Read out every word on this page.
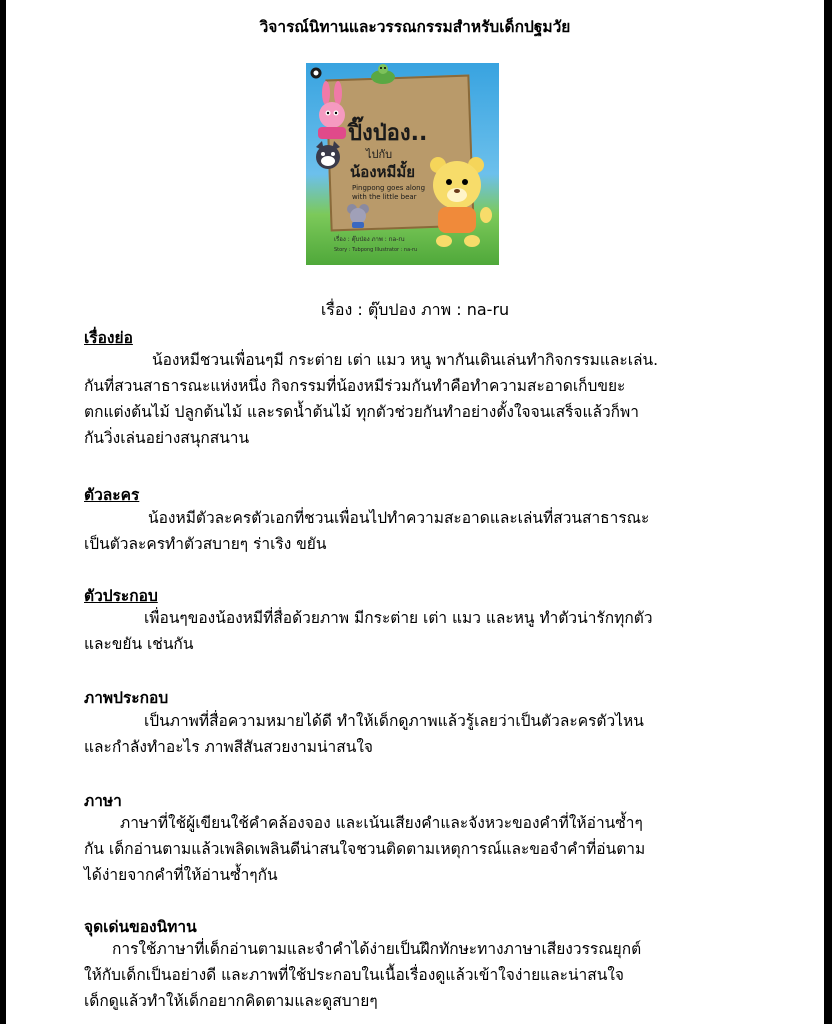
วิจารณ์นิทานและวรรณกรรมสำหรับเด็กปฐมวัย
ปิ๊งป่อง..
ไปกับ
น้องหมีมั้ย
Pingpong goes along with the little bear
เรื่อง : ตุ๊บป่อง ภาพ : na-ru
Story : Tubpong Illustrator : na-ru
เรื่อง : ตุ๊บปอง ภาพ : na-ru
เรื่องย่อ
น้องหมีชวนเพื่อนๆมี กระต่าย เต่า แมว หนู พากันเดินเล่นทำกิจกรรมและเล่น.
กันที่สวนสาธารณะแห่งหนึ่ง กิจกรรมที่น้องหมีร่วมกันทำคือทำความสะอาดเก็บขยะ
ตกแต่งต้นไม้ ปลูกต้นไม้ และรดน้ำต้นไม้ ทุกตัวช่วยกันทำอย่างตั้งใจจนเสร็จแล้วก็พา
กันวิ่งเล่นอย่างสนุกสนาน
ตัวละคร
น้องหมีตัวละครตัวเอกที่ชวนเพื่อนไปทำความสะอาดและเล่นที่สวนสาธารณะ
เป็นตัวละครทำตัวสบายๆ ร่าเริง ขยัน
ตัวประกอบ
เพื่อนๆของน้องหมีที่สื่อด้วยภาพ มีกระต่าย เต่า แมว และหนู ทำตัวน่ารักทุกตัว
และขยัน เช่นกัน
ภาพประกอบ
เป็นภาพที่สื่อความหมายได้ดี ทำให้เด็กดูภาพแล้วรู้เลยว่าเป็นตัวละครตัวไหน
และกำลังทำอะไร ภาพสีสันสวยงามน่าสนใจ
ภาษา
ภาษาที่ใช้ผู้เขียนใช้คำคล้องจอง และเน้นเสียงคำและจังหวะของคำที่ให้อ่านซ้ำๆ
กัน เด็กอ่านตามแล้วเพลิดเพลินดีน่าสนใจชวนติดตามเหตุการณ์และขอจำคำที่อ่นตาม
ได้ง่ายจากคำที่ให้อ่านซ้ำๆกัน
จุดเด่นของนิทาน
การใช้ภาษาที่เด็กอ่านตามและจำคำได้ง่ายเป็นฝึกทักษะทางภาษาเสียงวรรณยุกต์
ให้กับเด็กเป็นอย่างดี และภาพที่ใช้ประกอบในเนื้อเรื่องดูแล้วเข้าใจง่ายและน่าสนใจ
เด็กดูแล้วทำให้เด็กอยากคิดตามและดูสบายๆ
